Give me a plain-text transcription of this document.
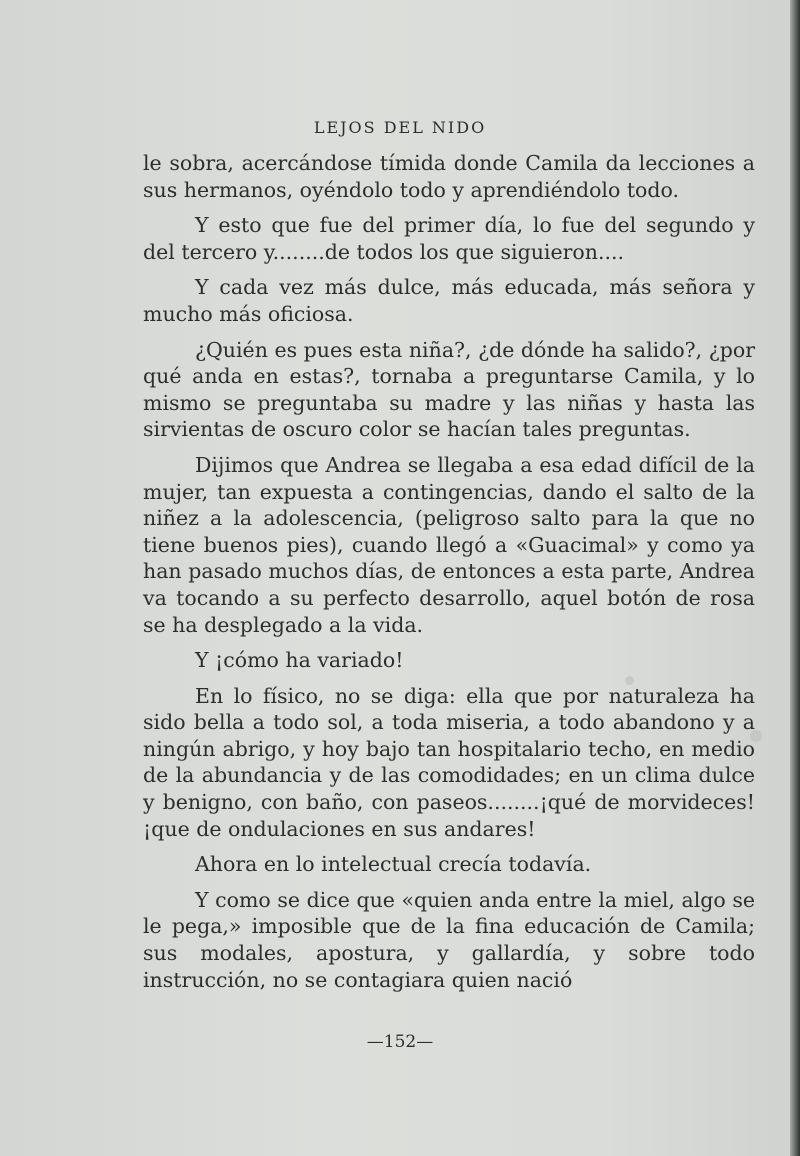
LEJOS DEL NIDO

le sobra, acercándose tímida donde Camila da lecciones a sus hermanos, oyéndolo todo y aprendiéndolo todo.

Y esto que fue del primer día, lo fue del segundo y del tercero y........de todos los que siguieron....

Y cada vez más dulce, más educada, más señora y mucho más oficiosa.

¿Quién es pues esta niña?, ¿de dónde ha salido?, ¿por qué anda en estas?, tornaba a preguntarse Camila, y lo mismo se preguntaba su madre y las niñas y hasta las sirvientas de oscuro color se hacían tales preguntas.

Dijimos que Andrea se llegaba a esa edad difícil de la mujer, tan expuesta a contingencias, dando el salto de la niñez a la adolescencia, (peligroso salto para la que no tiene buenos pies), cuando llegó a «Guacimal» y como ya han pasado muchos días, de entonces a esta parte, Andrea va tocando a su perfecto desarrollo, aquel botón de rosa se ha desplegado a la vida.

Y ¡cómo ha variado!

En lo físico, no se diga: ella que por naturaleza ha sido bella a todo sol, a toda miseria, a todo abandono y a ningún abrigo, y hoy bajo tan hospitalario techo, en medio de la abundancia y de las comodidades; en un clima dulce y benigno, con baño, con paseos........¡qué de morvideces! ¡que de ondulaciones en sus andares!

Ahora en lo intelectual crecía todavía.

Y como se dice que «quien anda entre la miel, algo se le pega,» imposible que de la fina educación de Camila; sus modales, apostura, y gallardía, y sobre todo instrucción, no se contagiara quien nació

—152—
